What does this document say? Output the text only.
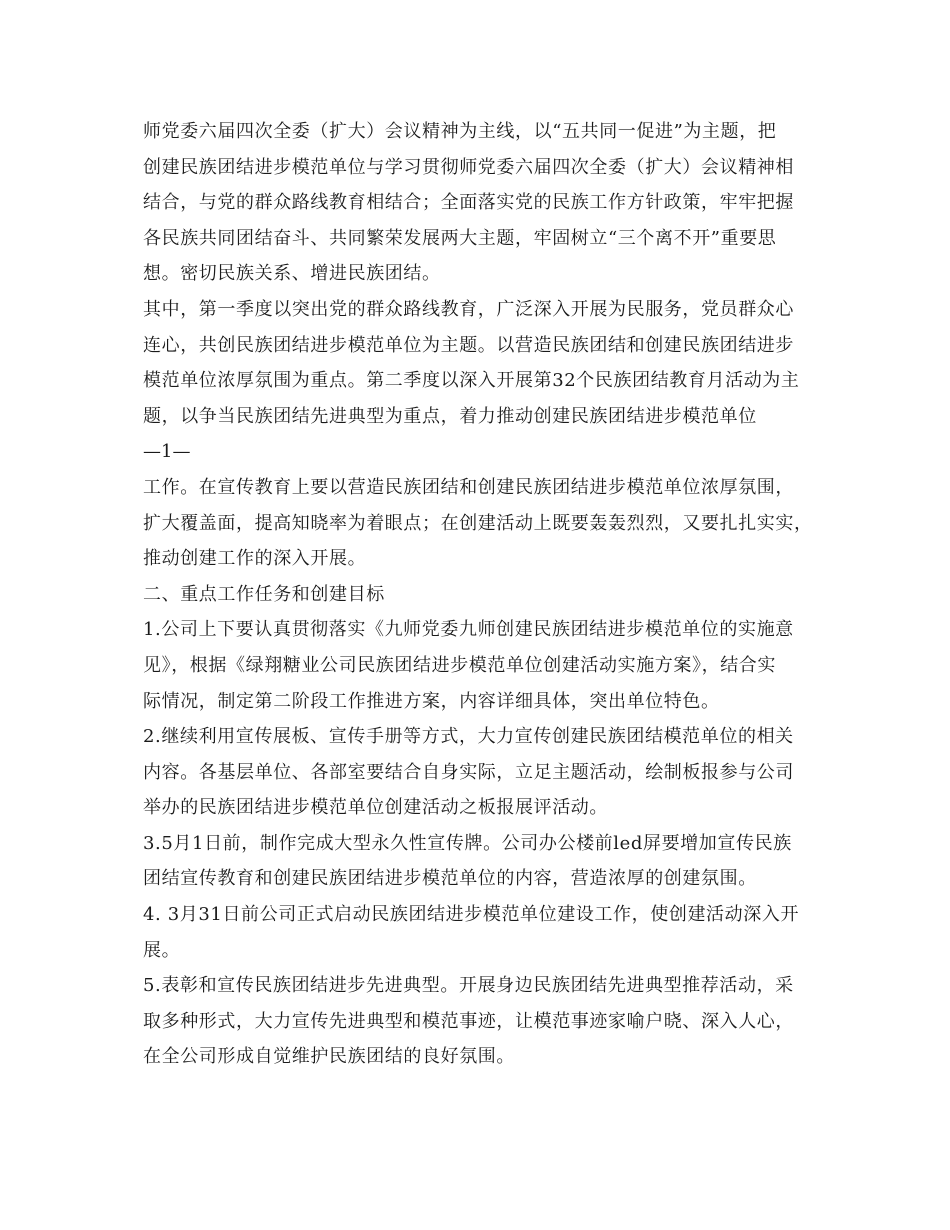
师党委六届四次全委（扩大）会议精神为主线，以“五共同一促进”为主题，把
创建民族团结进步模范单位与学习贯彻师党委六届四次全委（扩大）会议精神相
结合，与党的群众路线教育相结合；全面落实党的民族工作方针政策，牢牢把握
各民族共同团结奋斗、共同繁荣发展两大主题，牢固树立“三个离不开”重要思
想。密切民族关系、增进民族团结。
其中，第一季度以突出党的群众路线教育，广泛深入开展为民服务，党员群众心
连心，共创民族团结进步模范单位为主题。以营造民族团结和创建民族团结进步
模范单位浓厚氛围为重点。第二季度以深入开展第32个民族团结教育月活动为主
题，以争当民族团结先进典型为重点，着力推动创建民族团结进步模范单位
—1—
工作。在宣传教育上要以营造民族团结和创建民族团结进步模范单位浓厚氛围，
扩大覆盖面，提高知晓率为着眼点；在创建活动上既要轰轰烈烈，又要扎扎实实，
推动创建工作的深入开展。
二、重点工作任务和创建目标
1.公司上下要认真贯彻落实《九师党委九师创建民族团结进步模范单位的实施意
见》，根据《绿翔糖业公司民族团结进步模范单位创建活动实施方案》，结合实
际情况，制定第二阶段工作推进方案，内容详细具体，突出单位特色。
2.继续利用宣传展板、宣传手册等方式，大力宣传创建民族团结模范单位的相关
内容。各基层单位、各部室要结合自身实际，立足主题活动，绘制板报参与公司
举办的民族团结进步模范单位创建活动之板报展评活动。
3.5月1日前，制作完成大型永久性宣传牌。公司办公楼前led屏要增加宣传民族
团结宣传教育和创建民族团结进步模范单位的内容，营造浓厚的创建氛围。
4. 3月31日前公司正式启动民族团结进步模范单位建设工作，使创建活动深入开
展。
5.表彰和宣传民族团结进步先进典型。开展身边民族团结先进典型推荐活动，采
取多种形式，大力宣传先进典型和模范事迹，让模范事迹家喻户晓、深入人心，
在全公司形成自觉维护民族团结的良好氛围。
